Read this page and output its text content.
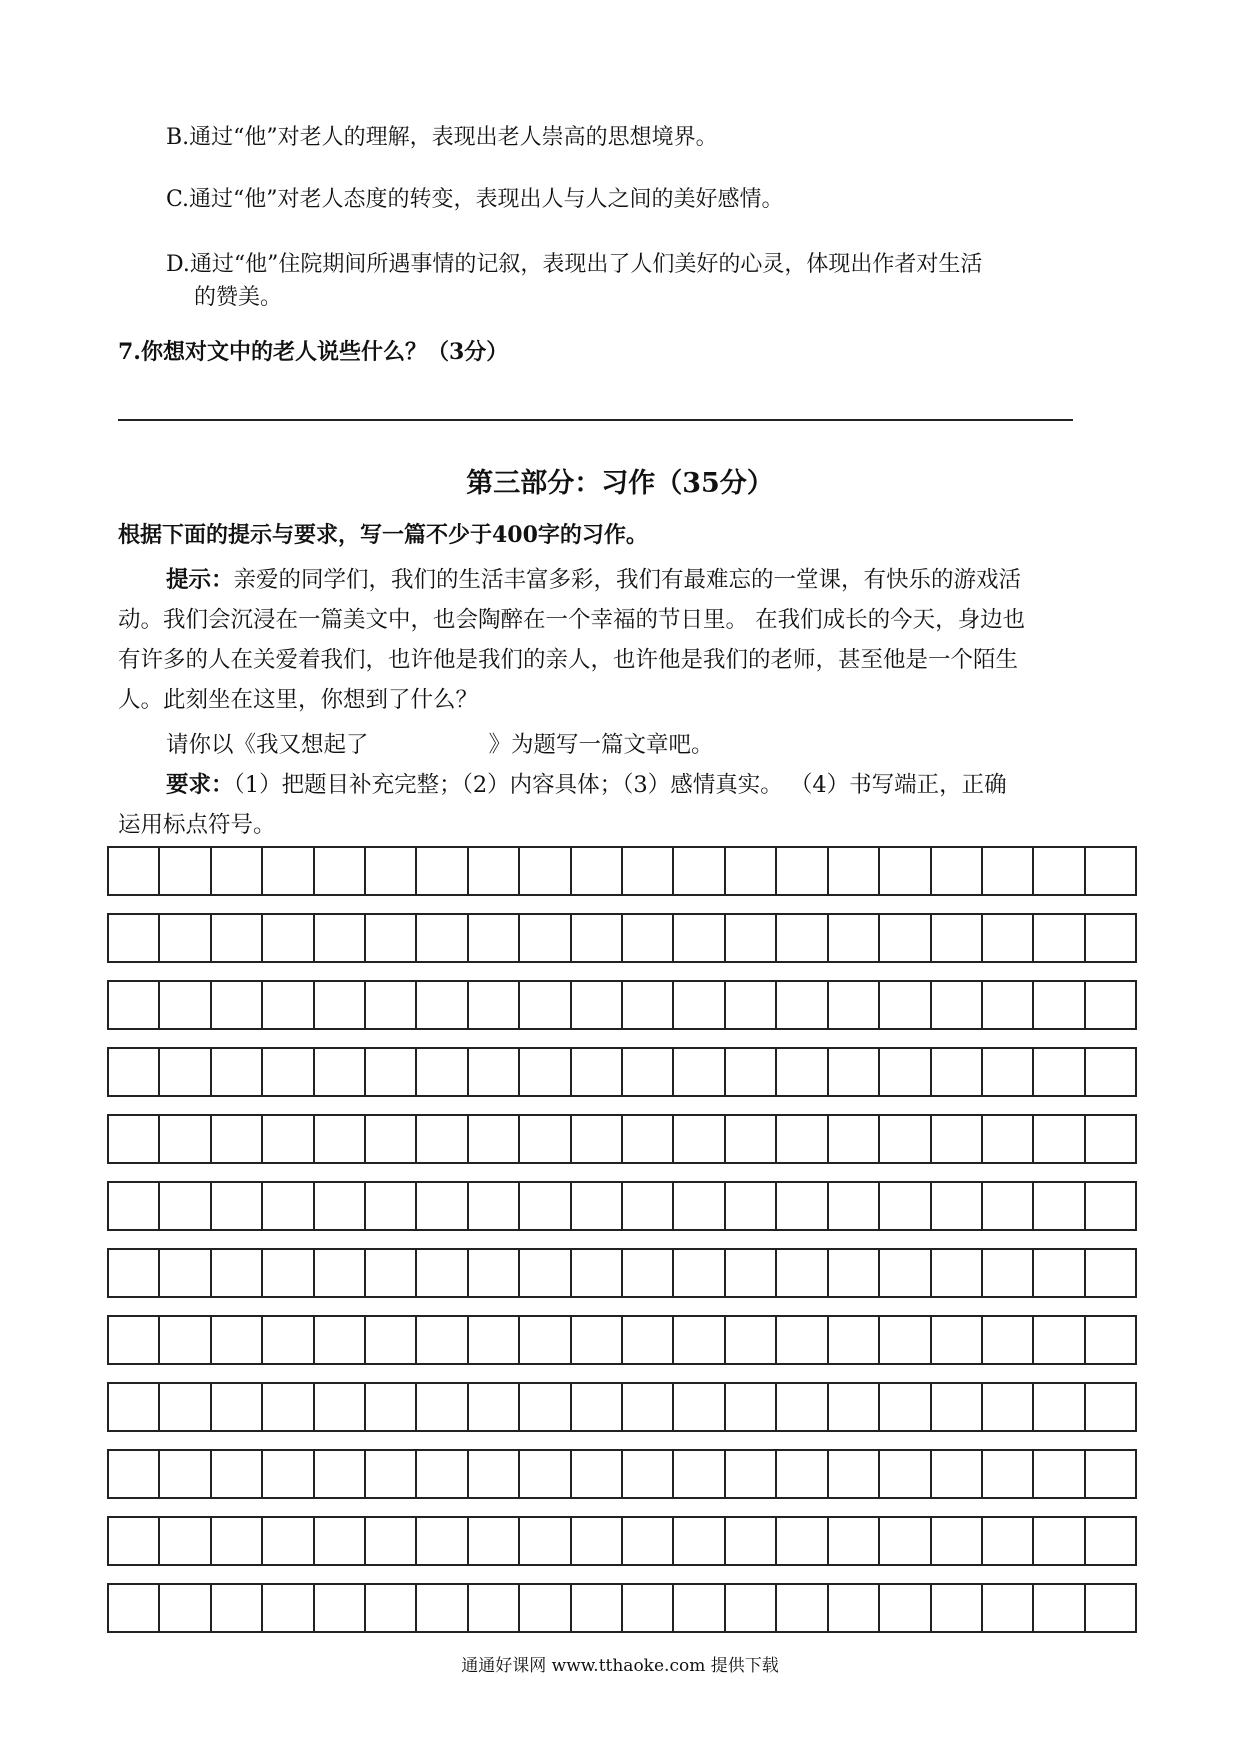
B.通过“他”对老人的理解，表现出老人崇高的思想境界。
C.通过“他”对老人态度的转变，表现出人与人之间的美好感情。
D.通过“他”住院期间所遇事情的记叙，表现出了人们美好的心灵，体现出作者对生活
的赞美。
7.你想对文中的老人说些什么？（3分）
第三部分：习作（35分）
根据下面的提示与要求，写一篇不少于400字的习作。
提示：亲爱的同学们，我们的生活丰富多彩，我们有最难忘的一堂课，有快乐的游戏活
动。我们会沉浸在一篇美文中，也会陶醉在一个幸福的节日里。 在我们成长的今天，身边也
有许多的人在关爱着我们，也许他是我们的亲人，也许他是我们的老师，甚至他是一个陌生
人。此刻坐在这里，你想到了什么？
请你以《我又想起了	》为题写一篇文章吧。
要求：（1）把题目补充完整；（2）内容具体；（3）感情真实。 （4）书写端正，正确
运用标点符号。
通通好课网 www.tthaoke.com 提供下载
